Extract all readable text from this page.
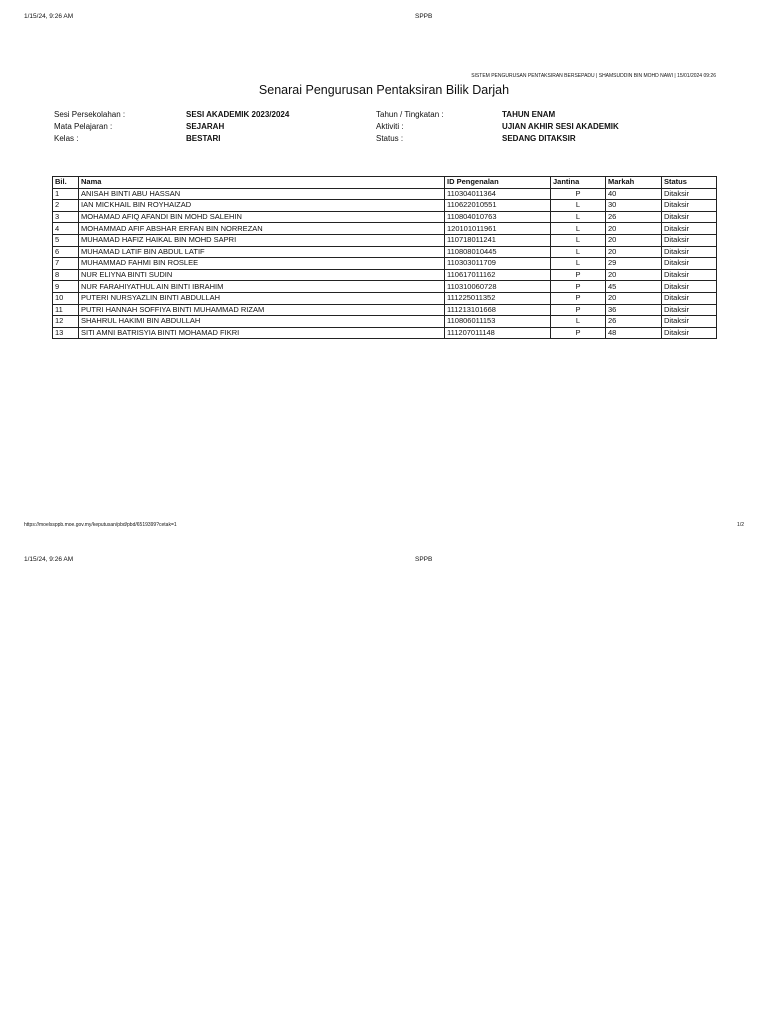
1/15/24, 9:26 AM	SPPB
SISTEM PENGURUSAN PENTAKSIRAN BERSEPADU | SHAMSUDDIN BIN MOHD NAWI | 15/01/2024 09:26
Senarai Pengurusan Pentaksiran Bilik Darjah
Sesi Persekolahan :	SESI AKADEMIK 2023/2024	Tahun / Tingkatan :	TAHUN ENAM
Mata Pelajaran :	SEJARAH	Aktiviti :	UJIAN AKHIR SESI AKADEMIK
Kelas :	BESTARI	Status :	SEDANG DITAKSIR
Bil.	Nama	ID Pengenalan	Jantina	Markah	Status
1	ANISAH BINTI ABU HASSAN	110304011364	P	40	Ditaksir
2	IAN MICKHAIL BIN ROYHAIZAD	110622010551	L	30	Ditaksir
3	MOHAMAD AFIQ AFANDI BIN MOHD SALEHIN	110804010763	L	26	Ditaksir
4	MOHAMMAD AFIF ABSHAR ERFAN BIN NORREZAN	120101011961	L	20	Ditaksir
5	MUHAMAD HAFIZ HAIKAL BIN MOHD SAPRI	110718011241	L	20	Ditaksir
6	MUHAMAD LATIF BIN ABDUL LATIF	110808010445	L	20	Ditaksir
7	MUHAMMAD FAHMI BIN ROSLEE	110303011709	L	29	Ditaksir
8	NUR ELIYNA BINTI SUDIN	110617011162	P	20	Ditaksir
9	NUR FARAHIYATHUL AIN BINTI IBRAHIM	110310060728	P	45	Ditaksir
10	PUTERI NURSYAZLIN BINTI ABDULLAH	111225011352	P	20	Ditaksir
11	PUTRI HANNAH SOFFIYA BINTI MUHAMMAD RIZAM	111213101668	P	36	Ditaksir
12	SHAHRUL HAKIMI BIN ABDULLAH	110806011153	L	26	Ditaksir
13	SITI AMNI BATRISYIA BINTI MOHAMAD FIKRI	111207011148	P	48	Ditaksir
https://moelssppb.moe.gov.my/keputusan/pbd/pbd/6519399?cetak=1	1/2
1/15/24, 9:26 AM	SPPB
